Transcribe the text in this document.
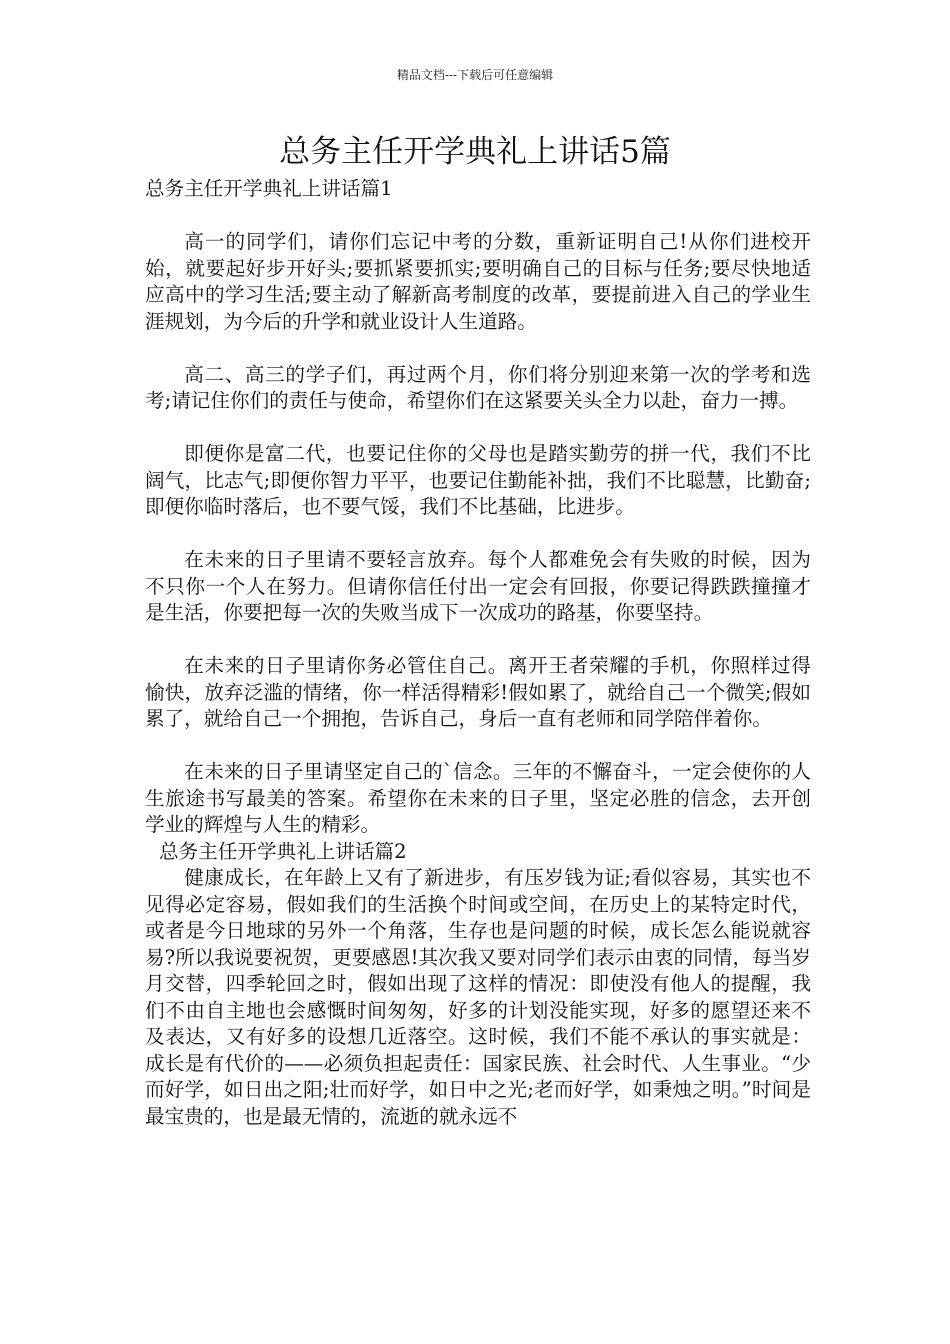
精品文档---下载后可任意编辑
总务主任开学典礼上讲话5篇
总务主任开学典礼上讲话篇1

高一的同学们，请你们忘记中考的分数，重新证明自己!从你们进校开始，就要起好步开好头;要抓紧要抓实;要明确自己的目标与任务;要尽快地适应高中的学习生活;要主动了解新高考制度的改革，要提前进入自己的学业生涯规划，为今后的升学和就业设计人生道路。

高二、高三的学子们，再过两个月，你们将分别迎来第一次的学考和选考;请记住你们的责任与使命，希望你们在这紧要关头全力以赴，奋力一搏。

即便你是富二代，也要记住你的父母也是踏实勤劳的拼一代，我们不比阔气，比志气;即便你智力平平，也要记住勤能补拙，我们不比聪慧，比勤奋;即便你临时落后，也不要气馁，我们不比基础，比进步。

在未来的日子里请不要轻言放弃。每个人都难免会有失败的时候，因为不只你一个人在努力。但请你信任付出一定会有回报，你要记得跌跌撞撞才是生活，你要把每一次的失败当成下一次成功的路基，你要坚持。

在未来的日子里请你务必管住自己。离开王者荣耀的手机，你照样过得愉快，放弃泛滥的情绪，你一样活得精彩!假如累了，就给自己一个微笑;假如累了，就给自己一个拥抱，告诉自己，身后一直有老师和同学陪伴着你。

在未来的日子里请坚定自己的`信念。三年的不懈奋斗，一定会使你的人生旅途书写最美的答案。希望你在未来的日子里，坚定必胜的信念，去开创学业的辉煌与人生的精彩。

总务主任开学典礼上讲话篇2

健康成长，在年龄上又有了新进步，有压岁钱为证;看似容易，其实也不见得必定容易，假如我们的生活换个时间或空间，在历史上的某特定时代，或者是今日地球的另外一个角落，生存也是问题的时候，成长怎么能说就容易?所以我说要祝贺，更要感恩!其次我又要对同学们表示由衷的同情，每当岁月交替，四季轮回之时，假如出现了这样的情况：即使没有他人的提醒，我们不由自主地也会感慨时间匆匆，好多的计划没能实现，好多的愿望还来不及表达，又有好多的设想几近落空。这时候，我们不能不承认的事实就是：成长是有代价的——必须负担起责任：国家民族、社会时代、人生事业。“少而好学，如日出之阳;壮而好学，如日中之光;老而好学，如秉烛之明。”时间是最宝贵的，也是最无情的，流逝的就永远不
